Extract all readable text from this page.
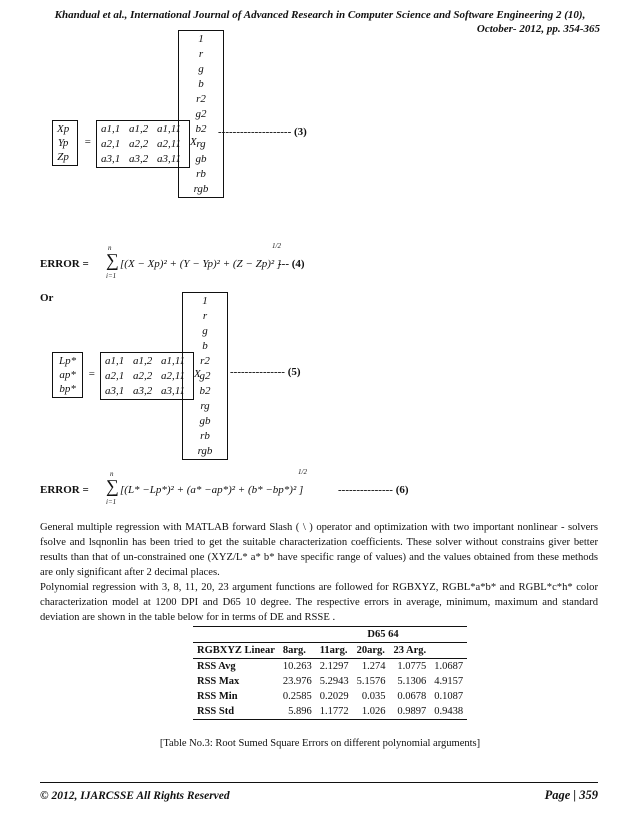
Khandual et al., International Journal of Advanced Research in Computer Science and Software Engineering 2 (10),
October- 2012, pp. 354-365
Xp
Yp
Zp
=
a1,1 a1,2 a1,11
a2,1 a2,2 a2,11
a3,1 a3,2 a3,11
X
1
r
g
b
r2
g2
b2
rg
gb
rb
rgb
-------------------- (3)
ERROR =
n
∑
i=1
[(X − Xp)² + (Y − Yp)² + (Z − Zp)² ]
1/2
--- (4)
Or
Lp*
ap*
bp*
=
a1,1 a1,2 a1,11
a2,1 a2,2 a2,11
a3,1 a3,2 a3,11
X
1
r
g
b
r2
g2
b2
rg
gb
rb
rgb
--------------- (5)
ERROR =
n
∑
i=1
[(L* −Lp*)² + (a* −ap*)² + (b* −bp*)² ]
1/2
--------------- (6)
General multiple regression with MATLAB forward Slash ( \ ) operator and optimization with two important nonlinear - solvers fsolve and lsqnonlin has been tried to get the suitable characterization coefficients. These solver without constrains giver better results than that of un-constrained one (XYZ/L* a* b* have specific range of values) and the values obtained from these methods are only significant after 2 decimal places.
Polynomial regression with 3, 8, 11, 20, 23 argument functions are followed for RGBXYZ, RGBL*a*b* and RGBL*c*h* color characterization model at 1200 DPI and D65 10 degree. The respective errors in average, minimum, maximum and standard deviation are shown in the table below for in terms of DE and RSSE .
D65 64					
RGBXYZ Linear	8arg.	11arg.	20arg.	23 Arg.	
RSS Avg	10.263	2.1297	1.274	1.0775	1.0687
RSS Max	23.976	5.2943	5.1576	5.1306	4.9157
RSS Min	0.2585	0.2029	0.035	0.0678	0.1087
RSS Std	5.896	1.1772	1.026	0.9897	0.9438
[Table No.3: Root Sumed Square Errors on different polynomial arguments]
© 2012, IJARCSSE All Rights Reserved	Page | 359
